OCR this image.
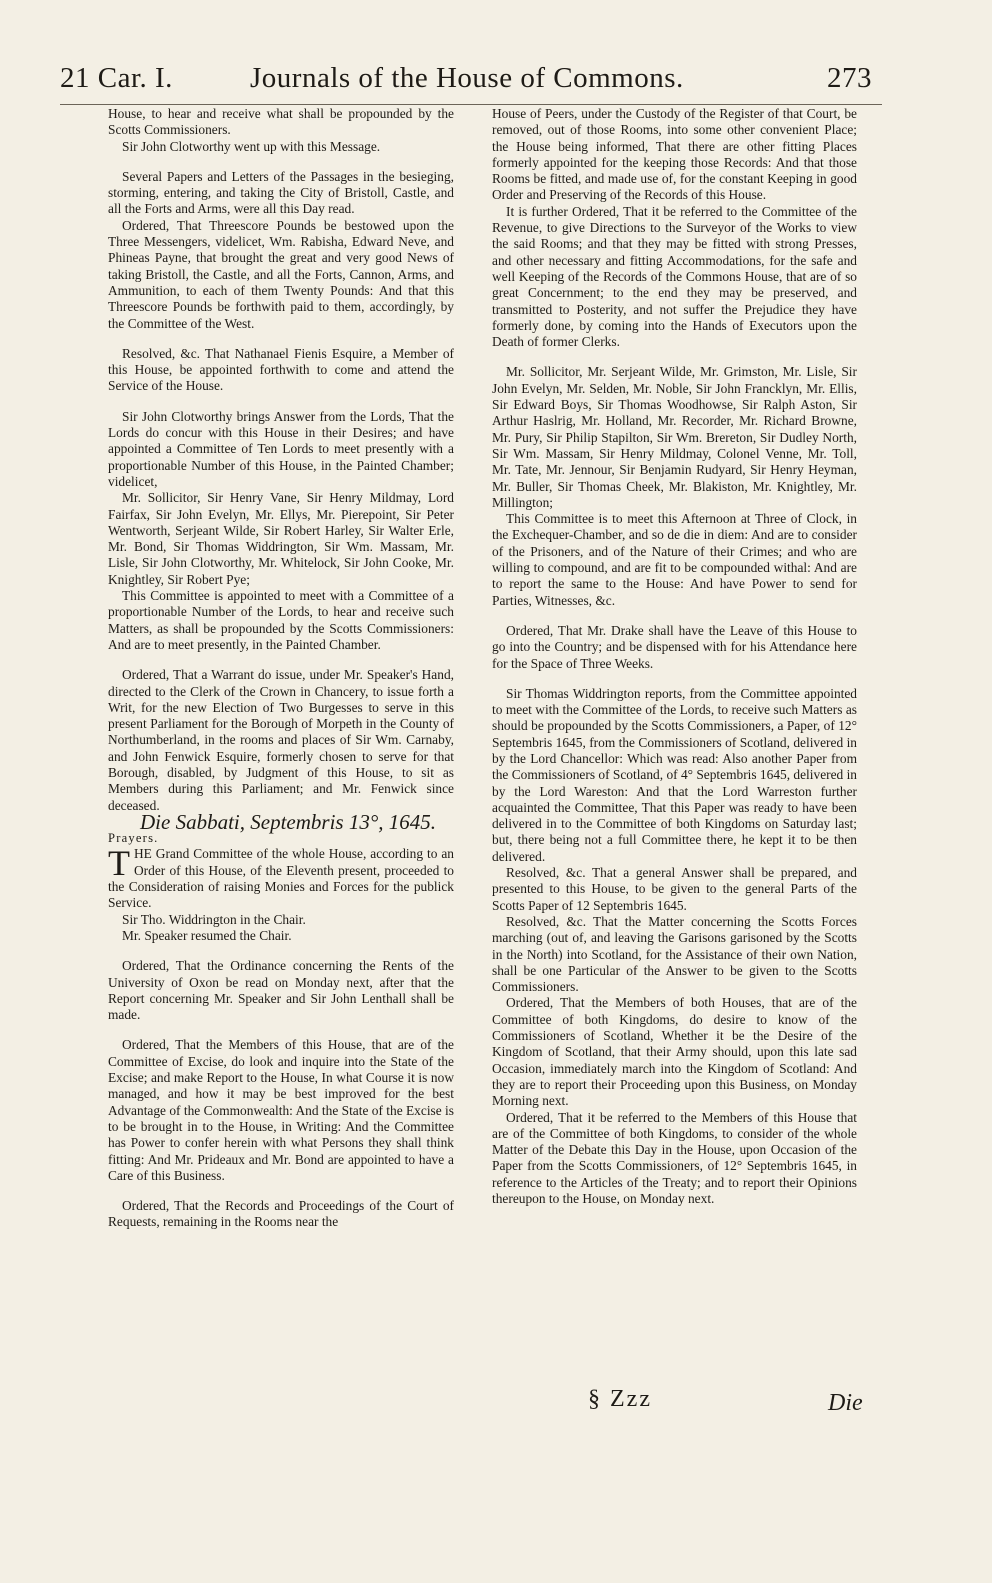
21 Car. I.	Journals of the House of Commons.	273

House, to hear and receive what shall be propounded by the Scotts Commissioners.

Sir John Clotworthy went up with this Message.

Several Papers and Letters of the Passages in the besieging, storming, entering, and taking the City of Bristoll, Castle, and all the Forts and Arms, were all this Day read.

Ordered, That Threescore Pounds be bestowed upon the Three Messengers, videlicet, Wm. Rabisha, Edward Neve, and Phineas Payne, that brought the great and very good News of taking Bristoll, the Castle, and all the Forts, Cannon, Arms, and Ammunition, to each of them Twenty Pounds: And that this Threescore Pounds be forthwith paid to them, accordingly, by the Committee of the West.

Resolved, &c. That Nathanael Fienis Esquire, a Member of this House, be appointed forthwith to come and attend the Service of the House.

Sir John Clotworthy brings Answer from the Lords, That the Lords do concur with this House in their Desires; and have appointed a Committee of Ten Lords to meet presently with a proportionable Number of this House, in the Painted Chamber; videlicet,

Mr. Sollicitor, Sir Henry Vane, Sir Henry Mildmay, Lord Fairfax, Sir John Evelyn, Mr. Ellys, Mr. Pierepoint, Sir Peter Wentworth, Serjeant Wilde, Sir Robert Harley, Sir Walter Erle, Mr. Bond, Sir Thomas Widdrington, Sir Wm. Massam, Mr. Lisle, Sir John Clotworthy, Mr. Whitelock, Sir John Cooke, Mr. Knightley, Sir Robert Pye;

This Committee is appointed to meet with a Committee of a proportionable Number of the Lords, to hear and receive such Matters, as shall be propounded by the Scotts Commissioners: And are to meet presently, in the Painted Chamber.

Ordered, That a Warrant do issue, under Mr. Speaker's Hand, directed to the Clerk of the Crown in Chancery, to issue forth a Writ, for the new Election of Two Burgesses to serve in this present Parliament for the Borough of Morpeth in the County of Northumberland, in the rooms and places of Sir Wm. Carnaby, and John Fenwick Esquire, formerly chosen to serve for that Borough, disabled, by Judgment of this House, to sit as Members during this Parliament; and Mr. Fenwick since deceased.

Die Sabbati, Septembris 13°, 1645.

Prayers.

THE Grand Committee of the whole House, according to an Order of this House, of the Eleventh present, proceeded to the Consideration of raising Monies and Forces for the publick Service.

Sir Tho. Widdrington in the Chair.

Mr. Speaker resumed the Chair.

Ordered, That the Ordinance concerning the Rents of the University of Oxon be read on Monday next, after that the Report concerning Mr. Speaker and Sir John Lenthall shall be made.

Ordered, That the Members of this House, that are of the Committee of Excise, do look and inquire into the State of the Excise; and make Report to the House, In what Course it is now managed, and how it may be best improved for the best Advantage of the Commonwealth: And the State of the Excise is to be brought in to the House, in Writing: And the Committee has Power to confer herein with what Persons they shall think fitting: And Mr. Prideaux and Mr. Bond are appointed to have a Care of this Business.

Ordered, That the Records and Proceedings of the Court of Requests, remaining in the Rooms near the

House of Peers, under the Custody of the Register of that Court, be removed, out of those Rooms, into some other convenient Place; the House being informed, That there are other fitting Places formerly appointed for the keeping those Records: And that those Rooms be fitted, and made use of, for the constant Keeping in good Order and Preserving of the Records of this House.

It is further Ordered, That it be referred to the Committee of the Revenue, to give Directions to the Surveyor of the Works to view the said Rooms; and that they may be fitted with strong Presses, and other necessary and fitting Accommodations, for the safe and well Keeping of the Records of the Commons House, that are of so great Concernment; to the end they may be preserved, and transmitted to Posterity, and not suffer the Prejudice they have formerly done, by coming into the Hands of Executors upon the Death of former Clerks.

Mr. Sollicitor, Mr. Serjeant Wilde, Mr. Grimston, Mr. Lisle, Sir John Evelyn, Mr. Selden, Mr. Noble, Sir John Francklyn, Mr. Ellis, Sir Edward Boys, Sir Thomas Woodhowse, Sir Ralph Aston, Sir Arthur Haslrig, Mr. Holland, Mr. Recorder, Mr. Richard Browne, Mr. Pury, Sir Philip Stapilton, Sir Wm. Brereton, Sir Dudley North, Sir Wm. Massam, Sir Henry Mildmay, Colonel Venne, Mr. Toll, Mr. Tate, Mr. Jennour, Sir Benjamin Rudyard, Sir Henry Heyman, Mr. Buller, Sir Thomas Cheek, Mr. Blakiston, Mr. Knightley, Mr. Millington;

This Committee is to meet this Afternoon at Three of Clock, in the Exchequer-Chamber, and so de die in diem: And are to consider of the Prisoners, and of the Nature of their Crimes; and who are willing to compound, and are fit to be compounded withal: And are to report the same to the House: And have Power to send for Parties, Witnesses, &c.

Ordered, That Mr. Drake shall have the Leave of this House to go into the Country; and be dispensed with for his Attendance here for the Space of Three Weeks.

Sir Thomas Widdrington reports, from the Committee appointed to meet with the Committee of the Lords, to receive such Matters as should be propounded by the Scotts Commissioners, a Paper, of 12° Septembris 1645, from the Commissioners of Scotland, delivered in by the Lord Chancellor: Which was read: Also another Paper from the Commissioners of Scotland, of 4° Septembris 1645, delivered in by the Lord Wareston: And that the Lord Warreston further acquainted the Committee, That this Paper was ready to have been delivered in to the Committee of both Kingdoms on Saturday last; but, there being not a full Committee there, he kept it to be then delivered.

Resolved, &c. That a general Answer shall be prepared, and presented to this House, to be given to the general Parts of the Scotts Paper of 12 Septembris 1645.

Resolved, &c. That the Matter concerning the Scotts Forces marching (out of, and leaving the Garisons garisoned by the Scotts in the North) into Scotland, for the Assistance of their own Nation, shall be one Particular of the Answer to be given to the Scotts Commissioners.

Ordered, That the Members of both Houses, that are of the Committee of both Kingdoms, do desire to know of the Commissioners of Scotland, Whether it be the Desire of the Kingdom of Scotland, that their Army should, upon this late sad Occasion, immediately march into the Kingdom of Scotland: And they are to report their Proceeding upon this Business, on Monday Morning next.

Ordered, That it be referred to the Members of this House that are of the Committee of both Kingdoms, to consider of the whole Matter of the Debate this Day in the House, upon Occasion of the Paper from the Scotts Commissioners, of 12° Septembris 1645, in reference to the Articles of the Treaty; and to report their Opinions thereupon to the House, on Monday next.

§ Zzz	Die
